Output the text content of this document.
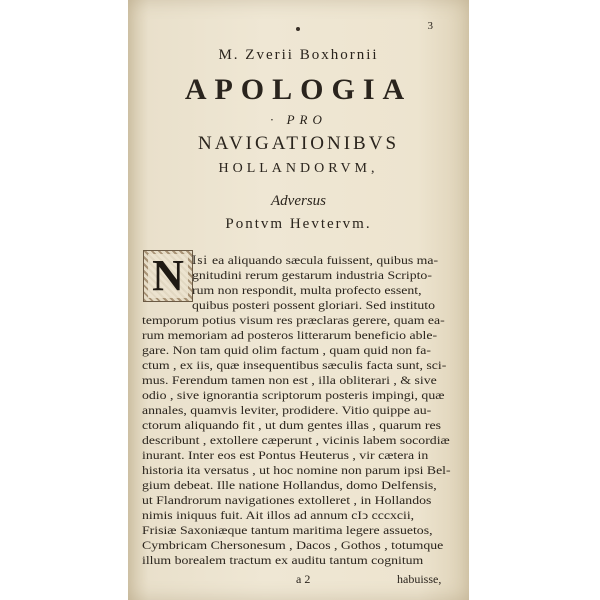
3
M. Zverii Boxhornii
APOLOGIA
· PRO
NAVIGATIONIBVS
HOLLANDORVM,
Adversus
Pontvm Hevtervm.
N Isi ea aliquando sæcula fuissent, quibus ma-
gnitudini rerum gestarum industria Scripto-
rum non respondit, multa profecto essent,
quibus posteri possent gloriari. Sed instituto
temporum potius visum res præclaras gerere, quam ea-
rum memoriam ad posteros litterarum beneficio able-
gare. Non tam quid olim factum , quam quid non fa-
ctum , ex iis, quæ insequentibus sæculis facta sunt, sci-
mus. Ferendum tamen non est , illa obliterari , & sive
odio , sive ignorantia scriptorum posteris impingi, quæ
annales, quamvis leviter, prodidere. Vitio quippe au-
ctorum aliquando fit , ut dum gentes illas , quarum res
describunt , extollere cæperunt , vicinis labem socordiæ
inurant. Inter eos est Pontus Heuterus , vir cætera in
historia ita versatus , ut hoc nomine non parum ipsi Bel-
gium debeat. Ille natione Hollandus, domo Delfensis,
ut Flandrorum navigationes extolleret , in Hollandos
nimis iniquus fuit. Ait illos ad annum cIↄ cccxcii,
Frisiæ Saxoniæque tantum maritima legere assuetos,
Cymbricam Chersonesum , Dacos , Gothos , totumque
illum borealem tractum ex auditu tantum cognitum
a 2	habuisse,
